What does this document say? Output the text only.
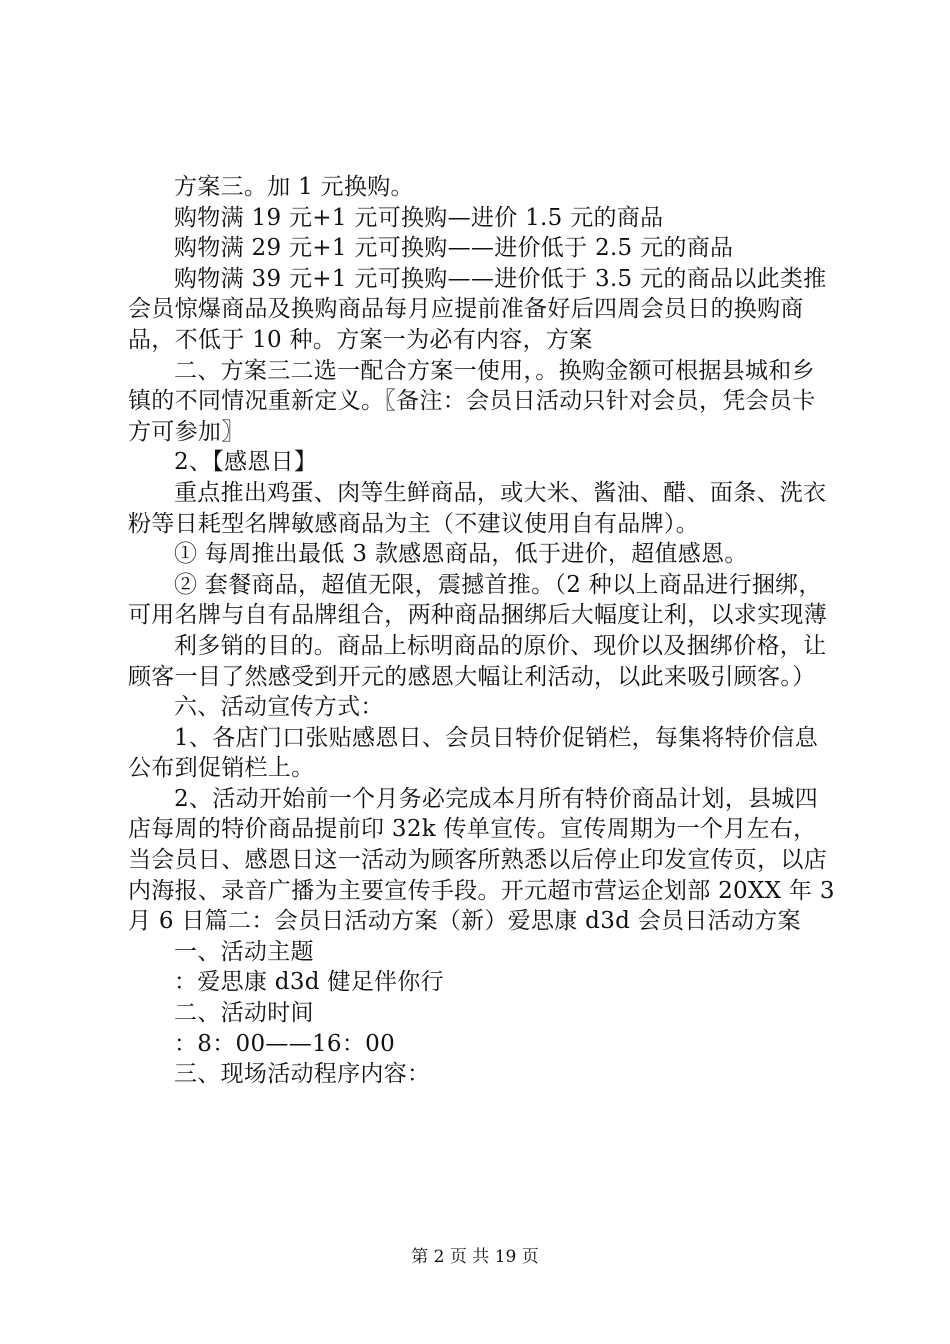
方案三。加 1 元换购。

购物满 19 元+1 元可换购—进价 1.5 元的商品

购物满 29 元+1 元可换购——进价低于 2.5 元的商品

购物满 39 元+1 元可换购——进价低于 3.5 元的商品以此类推会员惊爆商品及换购商品每月应提前准备好后四周会员日的换购商品，不低于 10 种。方案一为必有内容，方案

二、方案三二选一配合方案一使用，。换购金额可根据县城和乡镇的不同情况重新定义。〖备注：会员日活动只针对会员，凭会员卡方可参加〗

2、【感恩日】

重点推出鸡蛋、肉等生鲜商品，或大米、酱油、醋、面条、洗衣粉等日耗型名牌敏感商品为主（不建议使用自有品牌）。

① 每周推出最低 3 款感恩商品，低于进价，超值感恩。

② 套餐商品，超值无限，震撼首推。（2 种以上商品进行捆绑，可用名牌与自有品牌组合，两种商品捆绑后大幅度让利，以求实现薄

利多销的目的。商品上标明商品的原价、现价以及捆绑价格，让顾客一目了然感受到开元的感恩大幅让利活动，以此来吸引顾客。）

六、活动宣传方式：

1、各店门口张贴感恩日、会员日特价促销栏，每集将特价信息公布到促销栏上。

2、活动开始前一个月务必完成本月所有特价商品计划，县城四店每周的特价商品提前印 32k 传单宣传。宣传周期为一个月左右，当会员日、感恩日这一活动为顾客所熟悉以后停止印发宣传页，以店内海报、录音广播为主要宣传手段。开元超市营运企划部 20XX 年 3 月 6 日篇二：会员日活动方案（新）爱思康 d3d 会员日活动方案

一、活动主题

：爱思康 d3d 健足伴你行

二、活动时间

：8：00——16：00

三、现场活动程序内容：

第 2 页 共 19 页
